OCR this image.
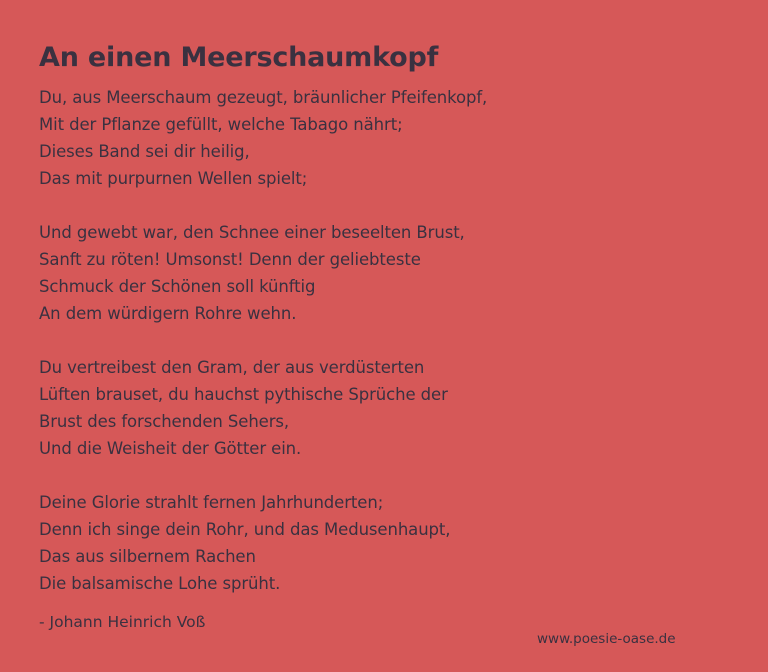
An einen Meerschaumkopf
Du, aus Meerschaum gezeugt, bräunlicher Pfeifenkopf,
Mit der Pflanze gefüllt, welche Tabago nährt;
Dieses Band sei dir heilig,
Das mit purpurnen Wellen spielt;
Und gewebt war, den Schnee einer beseelten Brust,
Sanft zu röten! Umsonst! Denn der geliebteste
Schmuck der Schönen soll künftig
An dem würdigern Rohre wehn.
Du vertreibest den Gram, der aus verdüsterten
Lüften brauset, du hauchst pythische Sprüche der
Brust des forschenden Sehers,
Und die Weisheit der Götter ein.
Deine Glorie strahlt fernen Jahrhunderten;
Denn ich singe dein Rohr, und das Medusenhaupt,
Das aus silbernem Rachen
Die balsamische Lohe sprüht.
- Johann Heinrich Voß
www.poesie-oase.de
